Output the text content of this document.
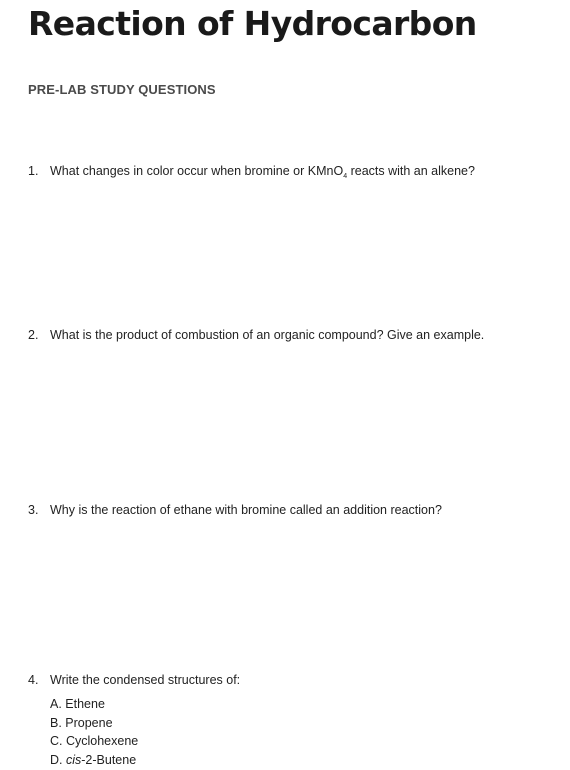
Reaction of Hydrocarbon
PRE-LAB STUDY QUESTIONS
1. What changes in color occur when bromine or KMnO$_4$ reacts with an alkene?
2. What is the product of combustion of an organic compound? Give an example.
3. Why is the reaction of ethane with bromine called an addition reaction?
4. Write the condensed structures of:
A. Ethene
B. Propene
C. Cyclohexene
D. cis-2-Butene
